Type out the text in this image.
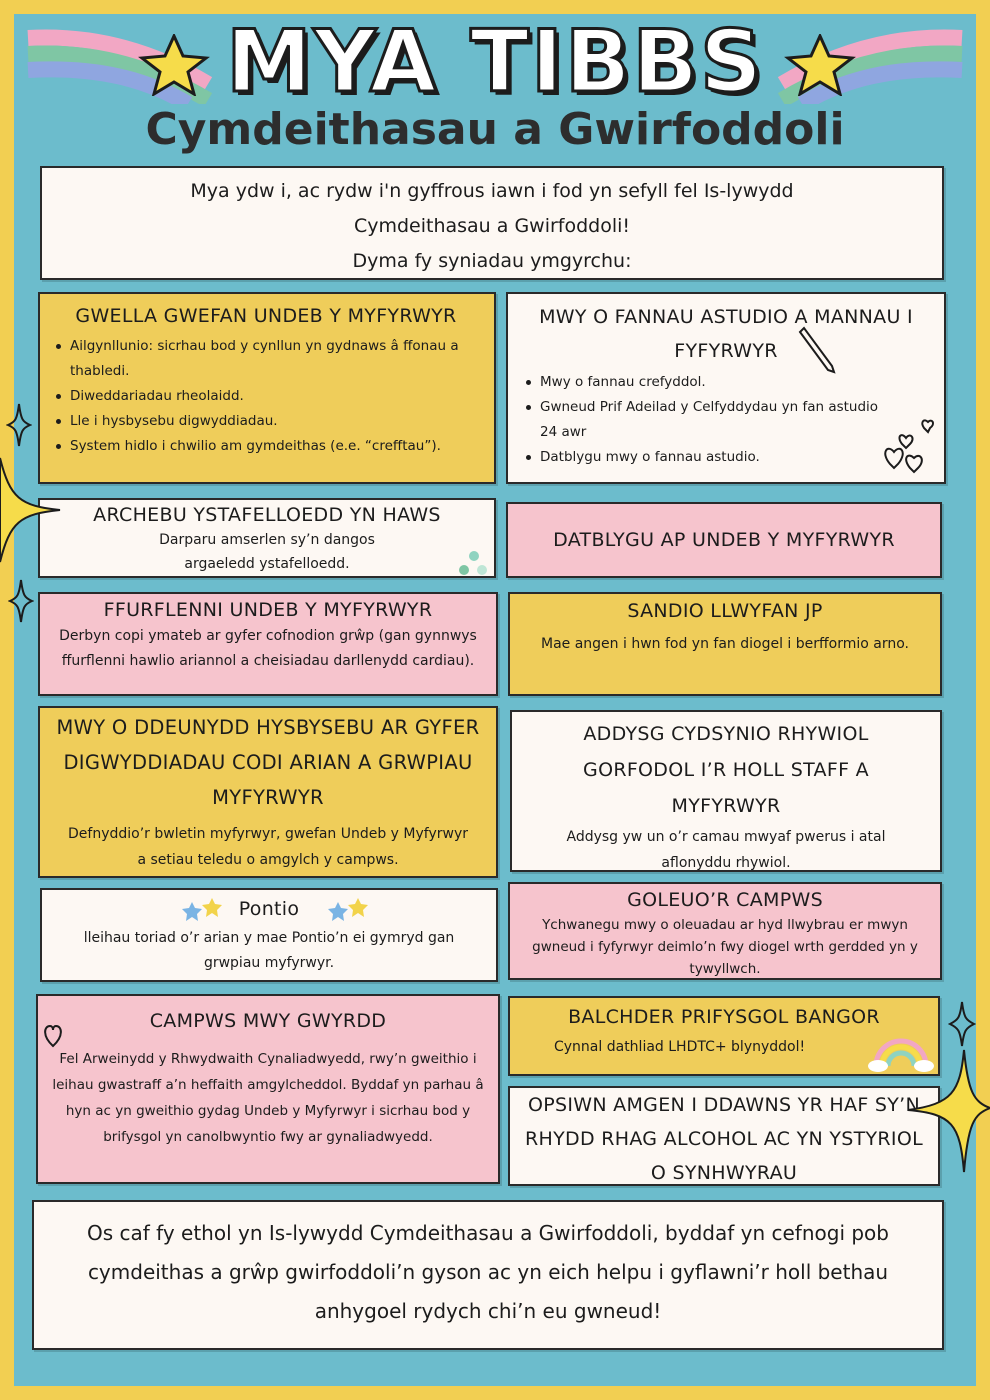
MYA TIBBS
Cymdeithasau a Gwirfoddoli
Mya ydw i, ac rydw i'n gyffrous iawn i fod yn sefyll fel Is-lywydd
Cymdeithasau a Gwirfoddoli!
Dyma fy syniadau ymgyrchu:
GWELLA GWEFAN UNDEB Y MYFYRWYR
Ailgynllunio: sicrhau bod y cynllun yn gydnaws â ffonau a thabledi.
Diweddariadau rheolaidd.
Lle i hysbysebu digwyddiadau.
System hidlo i chwilio am gymdeithas (e.e. “crefftau”).
MWY O FANNAU ASTUDIO A MANNAU I FYFYRWYR
Mwy o fannau crefyddol.
Gwneud Prif Adeilad y Celfyddydau yn fan astudio 24 awr
Datblygu mwy o fannau astudio.
ARCHEBU YSTAFELLOEDD YN HAWS
Darparu amserlen sy’n dangos argaeledd ystafelloedd.
DATBLYGU AP UNDEB Y MYFYRWYR
FFURFLENNI UNDEB Y MYFYRWYR
Derbyn copi ymateb ar gyfer cofnodion grŵp (gan gynnwys ffurflenni hawlio ariannol a cheisiadau darllenydd cardiau).
SANDIO LLWYFAN JP
Mae angen i hwn fod yn fan diogel i berfformio arno.
MWY O DDEUNYDD HYSBYSEBU AR GYFER DIGWYDDIADAU CODI ARIAN A GRWPIAU MYFYRWYR
Defnyddio’r bwletin myfyrwyr, gwefan Undeb y Myfyrwyr a setiau teledu o amgylch y campws.
ADDYSG CYDSYNIO RHYWIOL GORFODOL I’R HOLL STAFF A MYFYRWYR
Addysg yw un o’r camau mwyaf pwerus i atal aflonyddu rhywiol.
Pontio
lleihau toriad o’r arian y mae Pontio’n ei gymryd gan grwpiau myfyrwyr.
GOLEUO’R CAMPWS
Ychwanegu mwy o oleuadau ar hyd llwybrau er mwyn gwneud i fyfyrwyr deimlo’n fwy diogel wrth gerdded yn y tywyllwch.
CAMPWS MWY GWYRDD
Fel Arweinydd y Rhwydwaith Cynaliadwyedd, rwy’n gweithio i leihau gwastraff a’n heffaith amgylcheddol. Byddaf yn parhau â hyn ac yn gweithio gydag Undeb y Myfyrwyr i sicrhau bod y brifysgol yn canolbwyntio fwy ar gynaliadwyedd.
BALCHDER PRIFYSGOL BANGOR
Cynnal dathliad LHDTC+ blynyddol!
OPSIWN AMGEN I DDAWNS YR HAF SY’N RHYDD RHAG ALCOHOL AC YN YSTYRIOL O SYNHWYRAU
Os caf fy ethol yn Is-lywydd Cymdeithasau a Gwirfoddoli, byddaf yn cefnogi pob cymdeithas a grŵp gwirfoddoli’n gyson ac yn eich helpu i gyflawni’r holl bethau anhygoel rydych chi’n eu gwneud!
